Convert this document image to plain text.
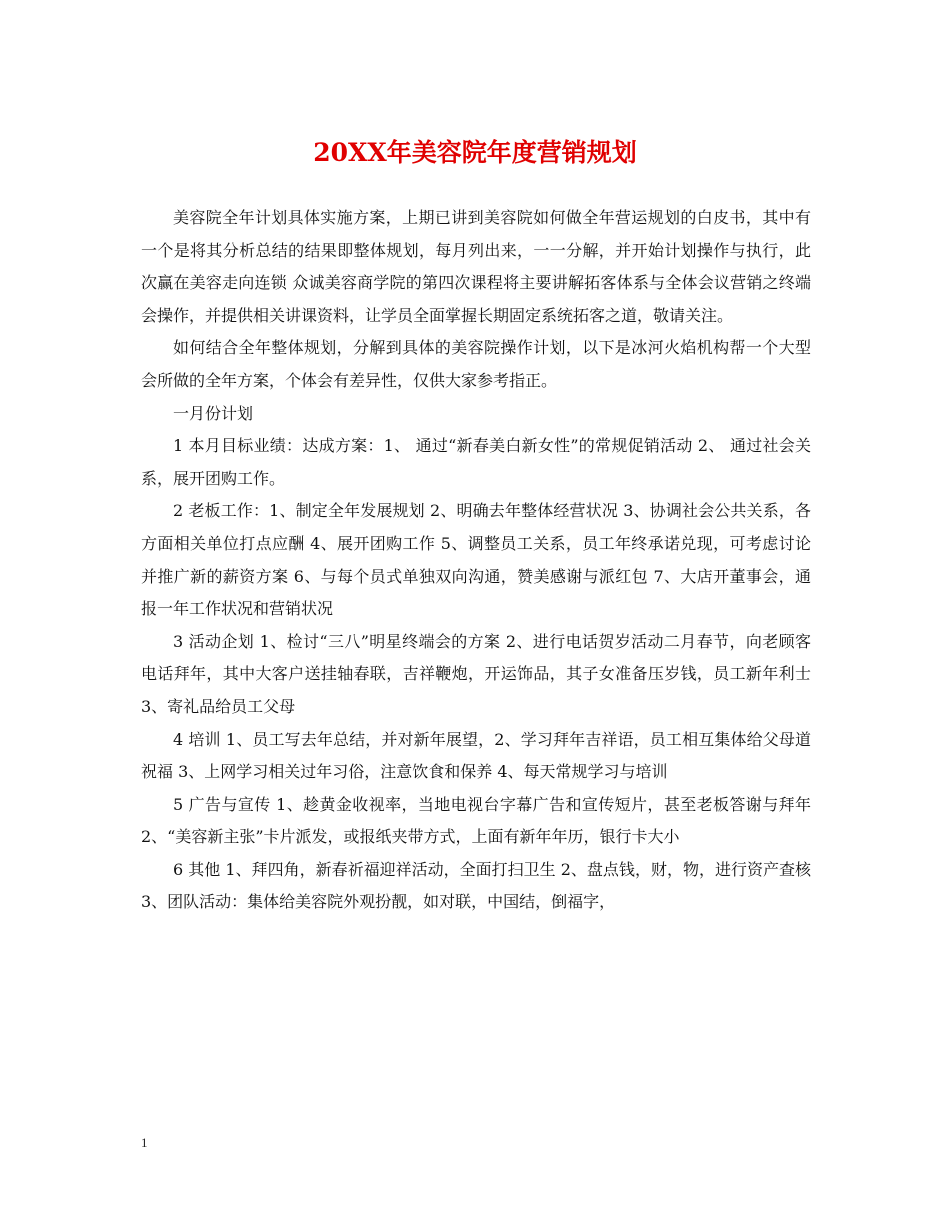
20XX年美容院年度营销规划

美容院全年计划具体实施方案，上期已讲到美容院如何做全年营运规划的白皮书，其中有一个是将其分析总结的结果即整体规划，每月列出来，一一分解，并开始计划操作与执行，此次赢在美容走向连锁 众诚美容商学院的第四次课程将主要讲解拓客体系与全体会议营销之终端会操作，并提供相关讲课资料，让学员全面掌握长期固定系统拓客之道，敬请关注。

如何结合全年整体规划，分解到具体的美容院操作计划，以下是冰河火焰机构帮一个大型会所做的全年方案，个体会有差异性，仅供大家参考指正。

一月份计划

1 本月目标业绩：达成方案：1、 通过“新春美白新女性”的常规促销活动 2、 通过社会关系，展开团购工作。

2 老板工作：1、制定全年发展规划 2、明确去年整体经营状况 3、协调社会公共关系，各方面相关单位打点应酬 4、展开团购工作 5、调整员工关系，员工年终承诺兑现，可考虑讨论并推广新的薪资方案 6、与每个员式单独双向沟通，赞美感谢与派红包 7、大店开董事会，通报一年工作状况和营销状况

3 活动企划 1、检讨“三八”明星终端会的方案 2、进行电话贺岁活动二月春节，向老顾客电话拜年，其中大客户送挂轴春联，吉祥鞭炮，开运饰品，其子女准备压岁钱，员工新年利士 3、寄礼品给员工父母

4 培训 1、员工写去年总结，并对新年展望，2、学习拜年吉祥语，员工相互集体给父母道祝福 3、上网学习相关过年习俗，注意饮食和保养 4、每天常规学习与培训

5 广告与宣传 1、趁黄金收视率，当地电视台字幕广告和宣传短片，甚至老板答谢与拜年 2、“美容新主张”卡片派发，或报纸夹带方式，上面有新年年历，银行卡大小

6 其他 1、拜四角，新春祈福迎祥活动，全面打扫卫生 2、盘点钱，财，物，进行资产查核 3、团队活动：集体给美容院外观扮靓，如对联，中国结，倒福字，

1
